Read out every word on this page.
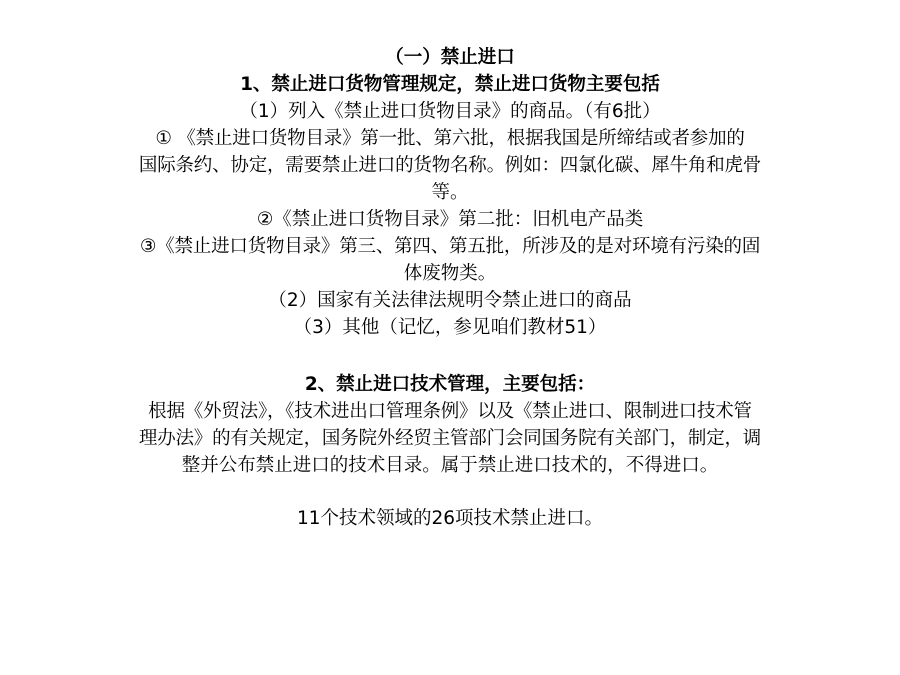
（一）禁止进口

1、禁止进口货物管理规定，禁止进口货物主要包括

（1）列入《禁止进口货物目录》的商品。（有6批）

① 《禁止进口货物目录》第一批、第六批，根据我国是所缔结或者参加的

国际条约、协定，需要禁止进口的货物名称。例如：四氯化碳、犀牛角和虎骨

等。

②《禁止进口货物目录》第二批：旧机电产品类

③《禁止进口货物目录》第三、第四、第五批，所涉及的是对环境有污染的固

体废物类。

（2）国家有关法律法规明令禁止进口的商品

（3）其他（记忆，参见咱们教材51）

2、禁止进口技术管理，主要包括：

根据《外贸法》，《技术进出口管理条例》以及《禁止进口、限制进口技术管

理办法》的有关规定，国务院外经贸主管部门会同国务院有关部门，制定，调

整并公布禁止进口的技术目录。属于禁止进口技术的，不得进口。

11个技术领域的26项技术禁止进口。
